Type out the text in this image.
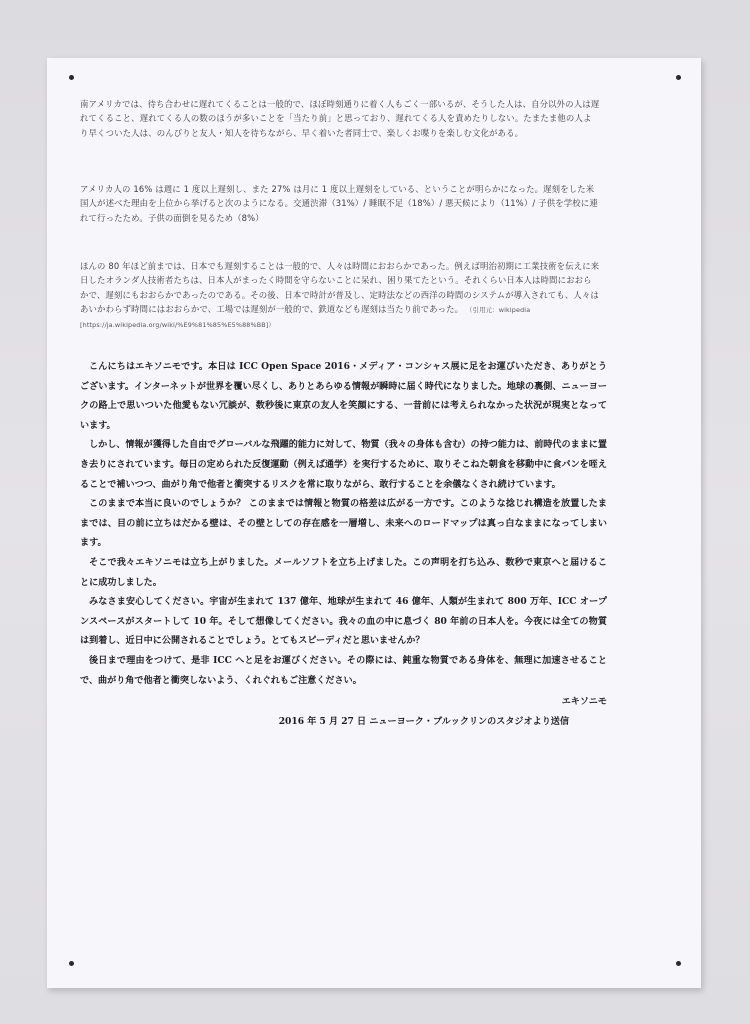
南アメリカでは、待ち合わせに遅れてくることは一般的で、ほぼ時刻通りに着く人もごく一部いるが、そうした人は、自分以外の人は遅れてくること、遅れてくる人の数のほうが多いことを「当たり前」と思っており、遅れてくる人を責めたりしない。たまたま他の人より早くついた人は、のんびりと友人・知人を待ちながら、早く着いた者同士で、楽しくお喋りを楽しむ文化がある。
アメリカ人の 16% は週に 1 度以上遅刻し、また 27% は月に 1 度以上遅刻をしている、ということが明らかになった。遅刻をした米国人が述べた理由を上位から挙げると次のようになる。交通渋滞（31%）/ 睡眠不足（18%）/ 悪天候により（11%）/ 子供を学校に連れて行ったため。子供の面倒を見るため（8%）
ほんの 80 年ほど前までは、日本でも遅刻することは一般的で、人々は時間におおらかであった。例えば明治初期に工業技術を伝えに来日したオランダ人技術者たちは、日本人がまったく時間を守らないことに呆れ、困り果てたという。それくらい日本人は時間におおらかで、遅刻にもおおらかであったのである。その後、日本で時計が普及し、定時法などの西洋の時間のシステムが導入されても、人々はあいかわらず時間にはおおらかで、工場では遅刻が一般的で、鉄道なども遅刻は当たり前であった。 （引用元：wikipedia [https://ja.wikipedia.org/wiki/%E9%81%85%E5%88%BB]）

こんにちはエキソニモです。本日は ICC Open Space 2016・メディア・コンシャス展に足をお運びいただき、ありがとうございます。インターネットが世界を覆い尽くし、ありとあらゆる情報が瞬時に届く時代になりました。地球の裏側、ニューヨークの路上で思いついた他愛もない冗談が、数秒後に東京の友人を笑顔にする、一昔前には考えられなかった状況が現実となっています。

しかし、情報が獲得した自由でグローバルな飛躍的能力に対して、物質（我々の身体も含む）の持つ能力は、前時代のままに置き去りにされています。毎日の定められた反復運動（例えば通学）を実行するために、取りそこねた朝食を移動中に食パンを咥えることで補いつつ、曲がり角で他者と衝突するリスクを常に取りながら、敢行することを余儀なくされ続けています。

このままで本当に良いのでしょうか？ このままでは情報と物質の格差は広がる一方です。このような捻じれ構造を放置したままでは、目の前に立ちはだかる壁は、その壁としての存在感を一層増し、未来へのロードマップは真っ白なままになってしまいます。

そこで我々エキソニモは立ち上がりました。メールソフトを立ち上げました。この声明を打ち込み、数秒で東京へと届けることに成功しました。

みなさま安心してください。宇宙が生まれて 137 億年、地球が生まれて 46 億年、人類が生まれて 800 万年、ICC オープンスペースがスタートして 10 年。そして想像してください。我々の血の中に息づく 80 年前の日本人を。今夜には全ての物質は到着し、近日中に公開されることでしょう。とてもスピーディだと思いませんか？

後日まで理由をつけて、是非 ICC へと足をお運びください。その際には、鈍重な物質である身体を、無理に加速させることで、曲がり角で他者と衝突しないよう、くれぐれもご注意ください。

エキソニモ

2016 年 5 月 27 日 ニューヨーク・ブルックリンのスタジオより送信
